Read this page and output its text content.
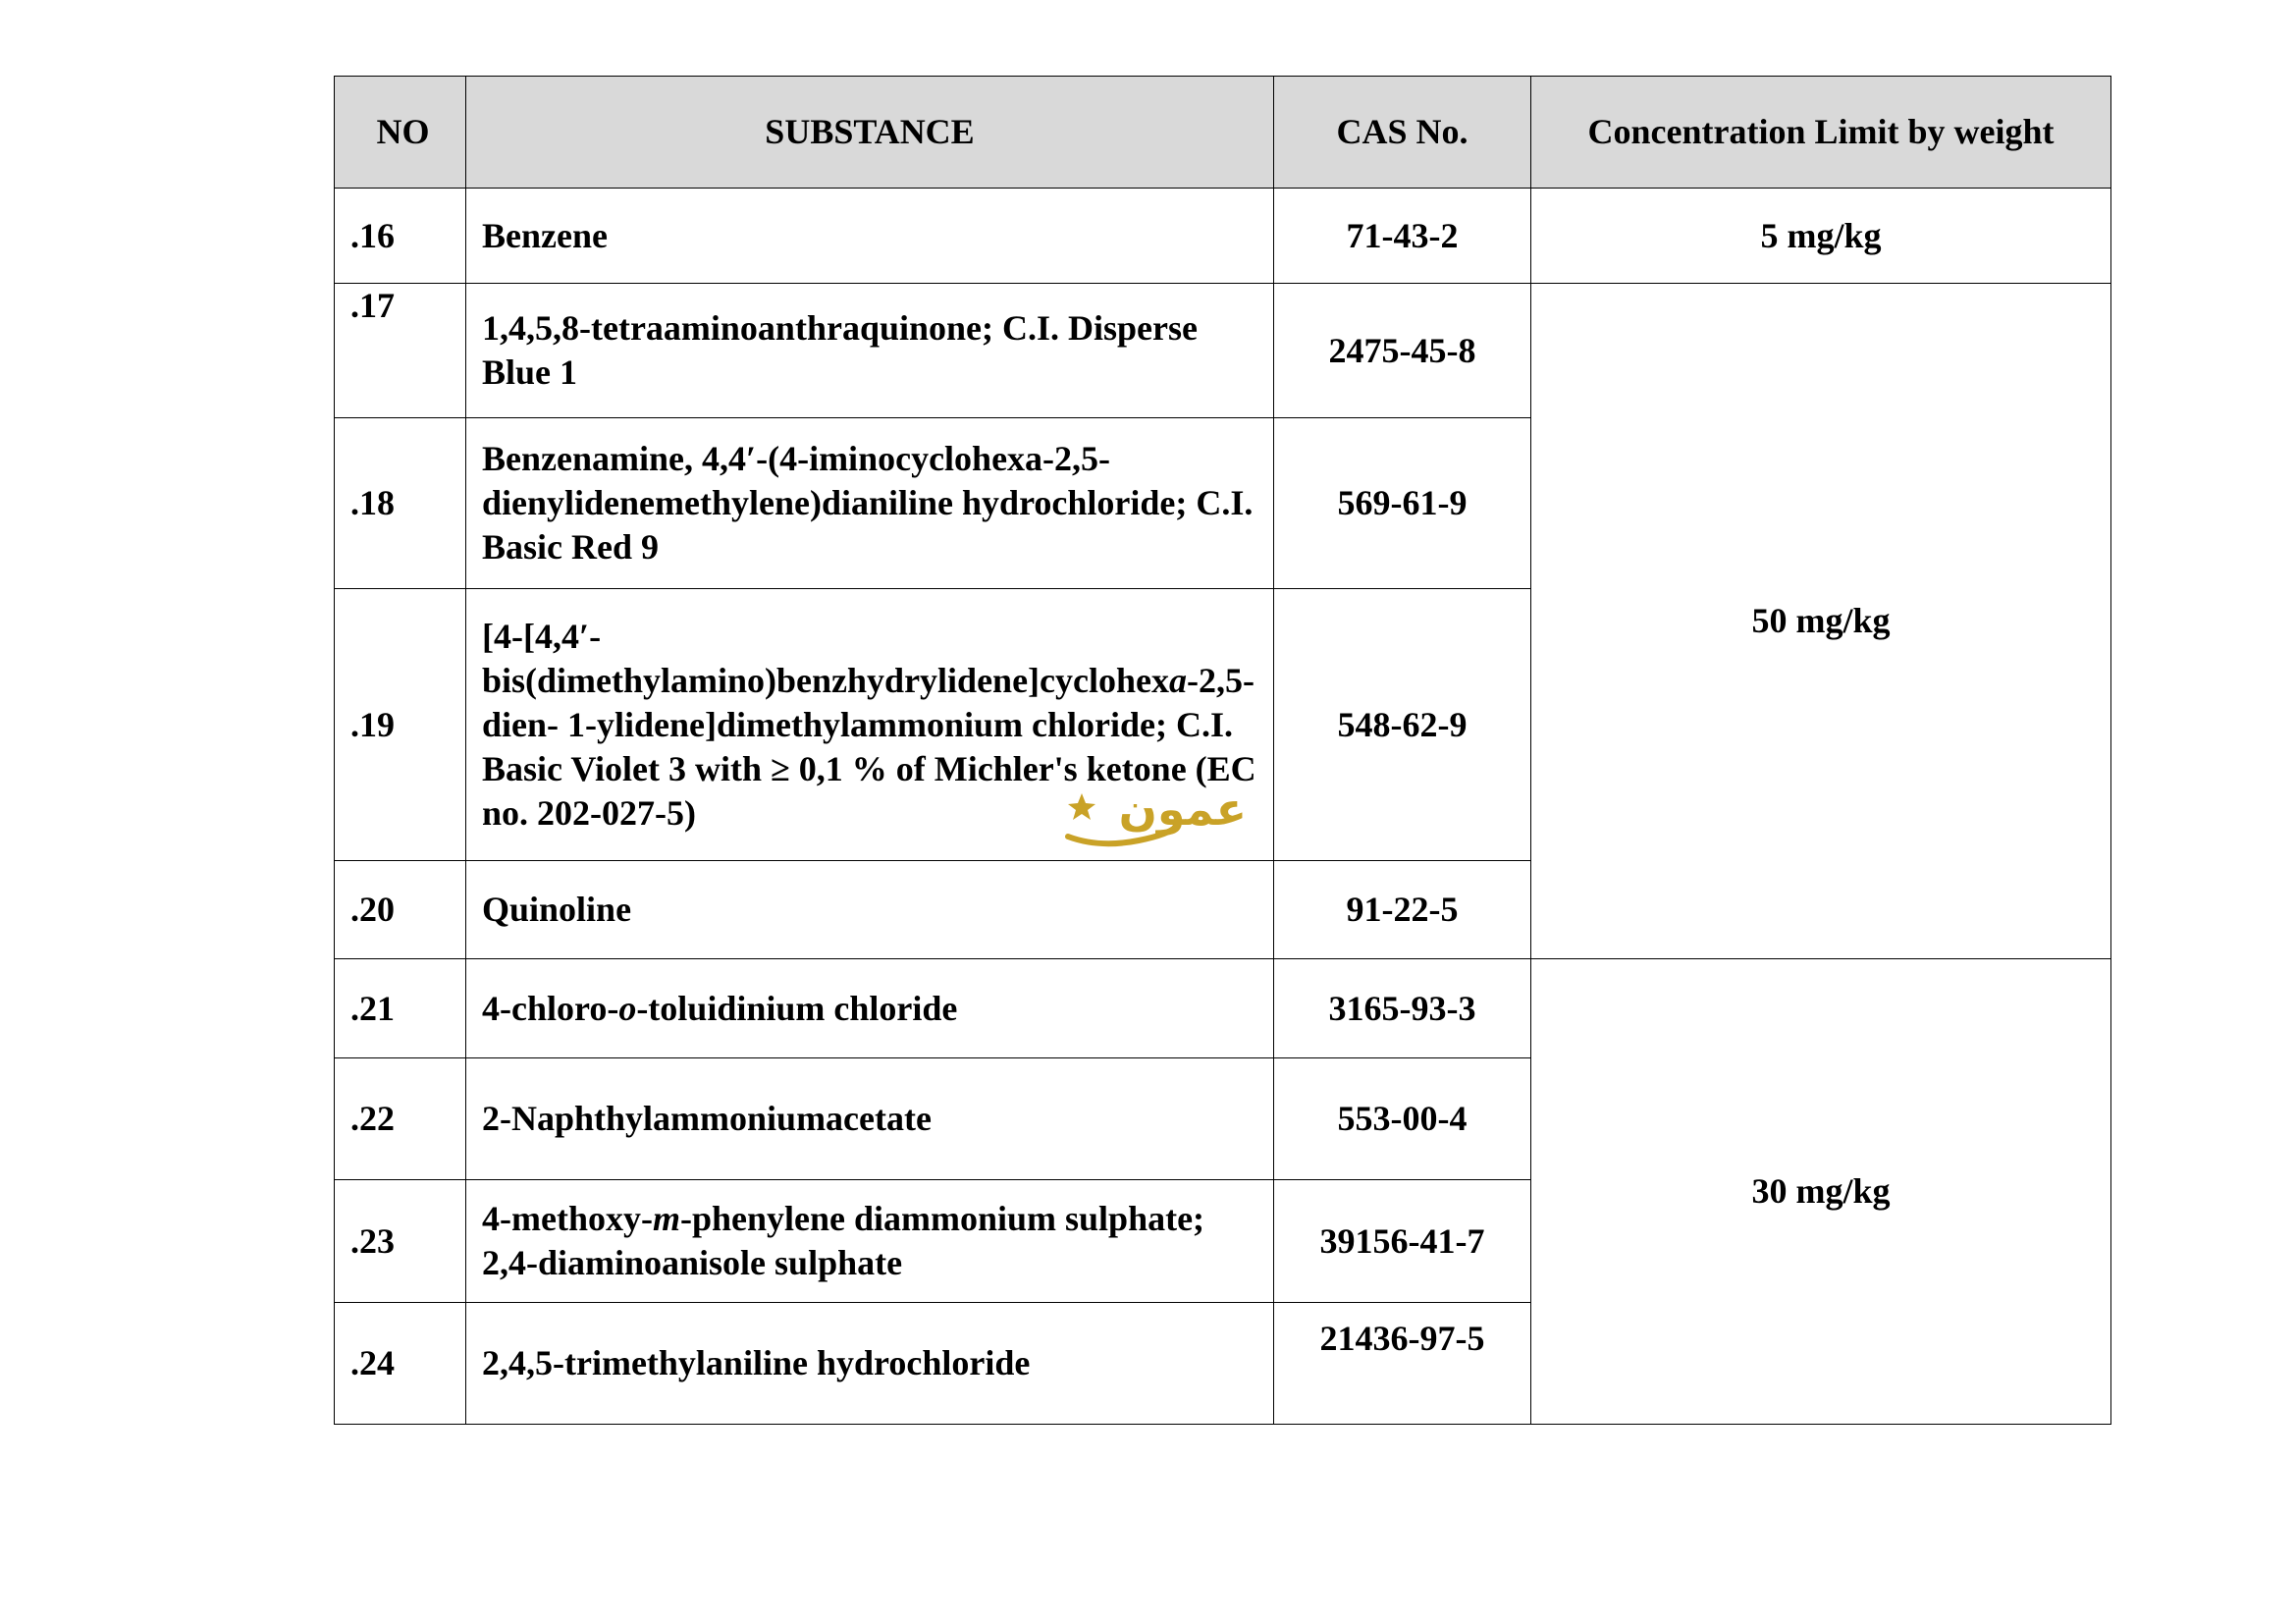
NO	SUBSTANCE	CAS No.	Concentration Limit by weight
.16	Benzene	71-43-2	5 mg/kg
.17	1,4,5,8-tetraaminoanthraquinone; C.I. Disperse Blue 1	2475-45-8	50 mg/kg
.18	Benzenamine, 4,4′-(4-iminocyclohexa-2,5-dienylidenemethylene)dianiline hydrochloride; C.I. Basic Red 9	569-61-9	
.19	[4-[4,4′-bis(dimethylamino)benzhydrylidene]cyclohexa-2,5-dien- 1-ylidene]dimethylammonium chloride; C.I. Basic Violet 3 with ≥ 0,1 % of Michler's ketone (EC no. 202-027-5)	548-62-9	
.20	Quinoline	91-22-5	
.21	4-chloro-o-toluidinium chloride	3165-93-3	30 mg/kg
.22	2-Naphthylammoniumacetate	553-00-4	
.23	4-methoxy-m-phenylene diammonium sulphate; 2,4-diaminoanisole sulphate	39156-41-7	
.24	2,4,5-trimethylaniline hydrochloride	21436-97-5	
عمون
